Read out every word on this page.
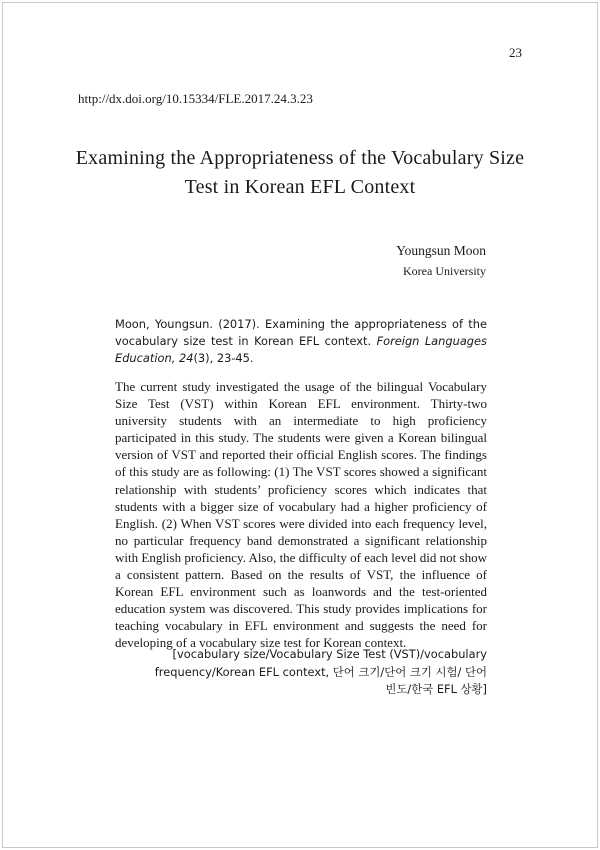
23
http://dx.doi.org/10.15334/FLE.2017.24.3.23
Examining the Appropriateness of the Vocabulary Size Test in Korean EFL Context
Youngsun Moon
Korea University
Moon, Youngsun. (2017). Examining the appropriateness of the vocabulary size test in Korean EFL context. Foreign Languages Education, 24(3), 23-45.
The current study investigated the usage of the bilingual Vocabulary Size Test (VST) within Korean EFL environment. Thirty-two university students with an intermediate to high proficiency participated in this study. The students were given a Korean bilingual version of VST and reported their official English scores. The findings of this study are as following: (1) The VST scores showed a significant relationship with students’ proficiency scores which indicates that students with a bigger size of vocabulary had a higher proficiency of English. (2) When VST scores were divided into each frequency level, no particular frequency band demonstrated a significant relationship with English proficiency. Also, the difficulty of each level did not show a consistent pattern. Based on the results of VST, the influence of Korean EFL environment such as loanwords and the test-oriented education system was discovered. This study provides implications for teaching vocabulary in EFL environment and suggests the need for developing of a vocabulary size test for Korean context.
[vocabulary size/Vocabulary Size Test (VST)/vocabulary frequency/Korean EFL context, 단어 크기/단어 크기 시험/ 단어 빈도/한국 EFL 상황]
